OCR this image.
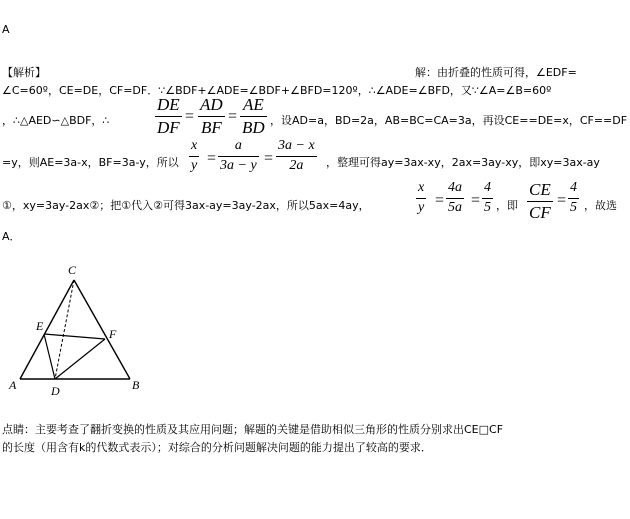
A
【解析】	解：由折叠的性质可得，∠EDF=
∠C=60º，CE=DE，CF=DF．∵∠BDF+∠ADE=∠BDF+∠BFD=120º，∴∠ADE=∠BFD，又∵∠A=∠B=60º
，∴△AED∽△BDF，∴
DE
DF
=
AD
BF
=
AE
BD ，设AD=a，BD=2a，AB=BC=CA=3a，再设CE==DE=x，CF==DF
=y，则AE=3a-x，BF=3a-y，所以
x
y =
a
3a − y =
3a − x
2a ，整理可得ay=3ax-xy，2ax=3ay-xy，即xy=3ax-ay
①，xy=3ay-2ax②；把①代入②可得3ax-ay=3ay-2ax，所以5ax=4ay，
x
y =
4a
5a =
4
5 ，即
CE
CF
=
4
5 ，故选
A．
C
E
F
A	D	B
点睛：主要考查了翻折变换的性质及其应用问题；解题的关键是借助相似三角形的性质分别求出CE□CF
的长度（用含有k的代数式表示）；对综合的分析问题解决问题的能力提出了较高的要求．
